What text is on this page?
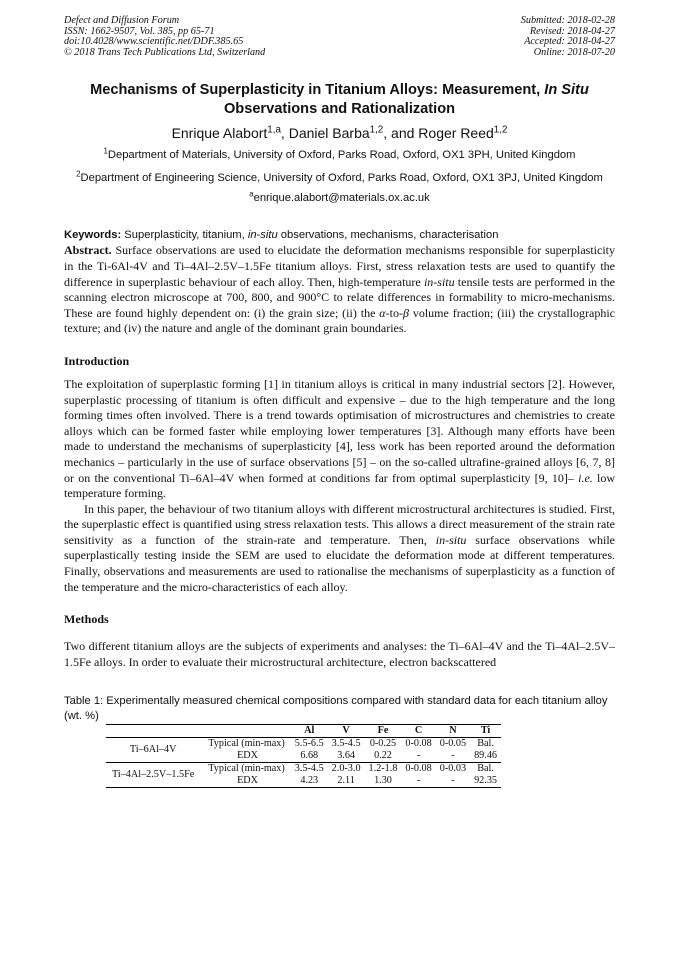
Defect and Diffusion Forum
ISSN: 1662-9507, Vol. 385, pp 65-71
doi:10.4028/www.scientific.net/DDF.385.65
© 2018 Trans Tech Publications Ltd, Switzerland
Submitted: 2018-02-28
Revised: 2018-04-27
Accepted: 2018-04-27
Online: 2018-07-20
Mechanisms of Superplasticity in Titanium Alloys: Measurement, In Situ Observations and Rationalization
Enrique Alabort$^{1,a}$, Daniel Barba$^{1,2}$, and Roger Reed$^{1,2}$
$^1$Department of Materials, University of Oxford, Parks Road, Oxford, OX1 3PH, United Kingdom
$^2$Department of Engineering Science, University of Oxford, Parks Road, Oxford, OX1 3PJ, United Kingdom
$^a$enrique.alabort@materials.ox.ac.uk
Keywords: Superplasticity, titanium, in-situ observations, mechanisms, characterisation

Abstract. Surface observations are used to elucidate the deformation mechanisms responsible for superplasticity in the Ti-6Al-4V and Ti–4Al–2.5V–1.5Fe titanium alloys. First, stress relaxation tests are used to quantify the difference in superplastic behaviour of each alloy. Then, high-temperature in-situ tensile tests are performed in the scanning electron microscope at 700, 800, and 900°C to relate differences in formability to micro-mechanisms. These are found highly dependent on: (i) the grain size; (ii) the α-to-β volume fraction; (iii) the crystallographic texture; and (iv) the nature and angle of the dominant grain boundaries.

Introduction

The exploitation of superplastic forming [1] in titanium alloys is critical in many industrial sectors [2]. However, superplastic processing of titanium is often difficult and expensive – due to the high temperature and the long forming times often involved. There is a trend towards optimisation of microstructures and chemistries to create alloys which can be formed faster while employing lower temperatures [3]. Although many efforts have been made to understand the mechanisms of superplasticity [4], less work has been reported around the deformation mechanics – particularly in the use of surface observations [5] – on the so-called ultrafine-grained alloys [6, 7, 8] or on the conventional Ti–6Al–4V when formed at conditions far from optimal superplasticity [9, 10]– i.e. low temperature forming.

In this paper, the behaviour of two titanium alloys with different microstructural architectures is studied. First, the superplastic effect is quantified using stress relaxation tests. This allows a direct measurement of the strain rate sensitivity as a function of the strain-rate and temperature. Then, in-situ surface observations while superplastically testing inside the SEM are used to elucidate the deformation mode at different temperatures. Finally, observations and measurements are used to rationalise the mechanisms of superplasticity as a function of the temperature and the micro-characteristics of each alloy.

Methods

Two different titanium alloys are the subjects of experiments and analyses: the Ti–6Al–4V and the Ti–4Al–2.5V–1.5Fe alloys. In order to evaluate their microstructural architecture, electron backscattered

Table 1: Experimentally measured chemical compositions compared with standard data for each titanium alloy (wt. %)
		Al	V	Fe	C	N	Ti
Ti–6Al–4V	Typical (min-max)	5.5-6.5	3.5-4.5	0-0.25	0-0.08	0-0.05	Bal.
	EDX	6.68	3.64	0.22	-	-	89.46
Ti–4Al–2.5V–1.5Fe	Typical (min-max)	3.5-4.5	2.0-3.0	1.2-1.8	0-0.08	0-0.03	Bal.
	EDX	4.23	2.11	1.30	-	-	92.35
